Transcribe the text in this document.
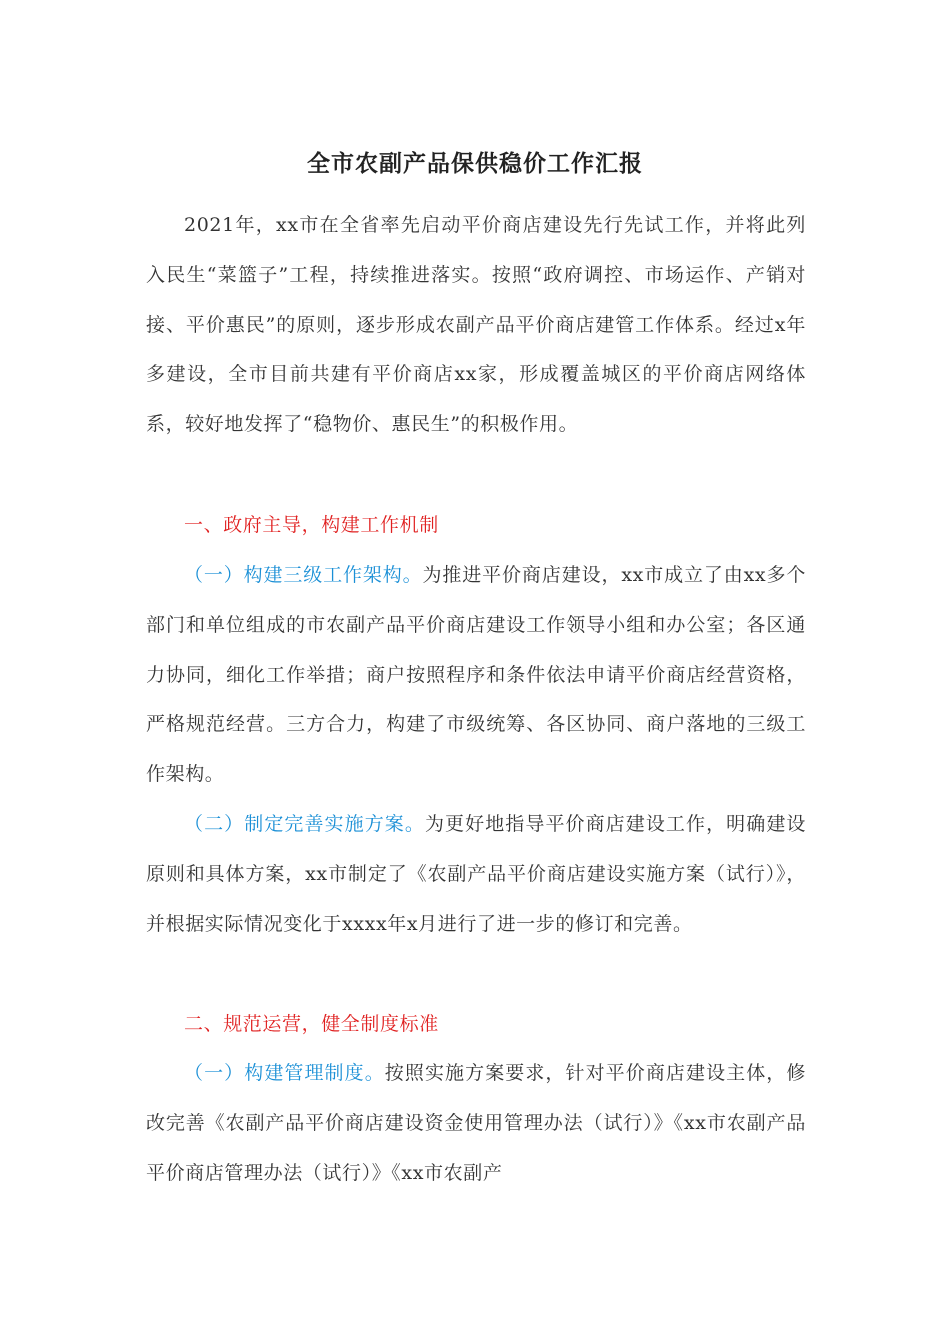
全市农副产品保供稳价工作汇报

2021年，xx市在全省率先启动平价商店建设先行先试工作，并将此列入民生“菜篮子”工程，持续推进落实。按照“政府调控、市场运作、产销对接、平价惠民”的原则，逐步形成农副产品平价商店建管工作体系。经过x年多建设，全市目前共建有平价商店xx家，形成覆盖城区的平价商店网络体系，较好地发挥了“稳物价、惠民生”的积极作用。

一、政府主导，构建工作机制

（一）构建三级工作架构。为推进平价商店建设，xx市成立了由xx多个部门和单位组成的市农副产品平价商店建设工作领导小组和办公室；各区通力协同，细化工作举措；商户按照程序和条件依法申请平价商店经营资格，严格规范经营。三方合力，构建了市级统筹、各区协同、商户落地的三级工作架构。

（二）制定完善实施方案。为更好地指导平价商店建设工作，明确建设原则和具体方案，xx市制定了《农副产品平价商店建设实施方案（试行）》，并根据实际情况变化于xxxx年x月进行了进一步的修订和完善。

二、规范运营，健全制度标准

（一）构建管理制度。按照实施方案要求，针对平价商店建设主体，修改完善《农副产品平价商店建设资金使用管理办法（试行）》《xx市农副产品平价商店管理办法（试行）》《xx市农副产
